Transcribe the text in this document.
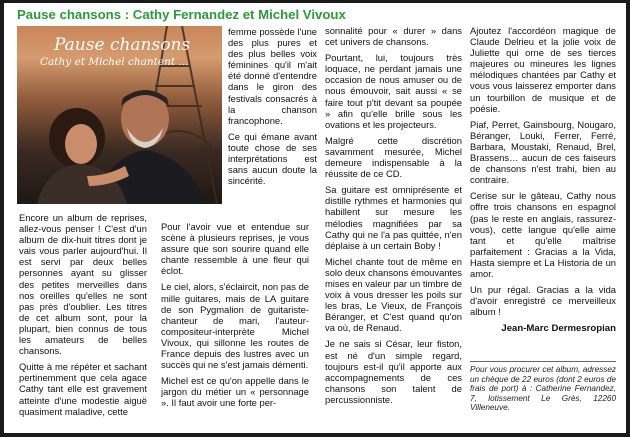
Pause chansons : Cathy Fernandez et Michel Vivoux
Pause chansons
Cathy et Michel chantent ...

femme possède l'une des plus pures et des plus belles voix féminines qu'il m'ait été donné d'entendre dans le giron des festivals consacrés à la chanson francophone.

Ce qui émane avant toute chose de ses interprétations est sans aucun doute la sincérité.

Encore un album de reprises, allez-vous penser ! C'est d'un album de dix-huit titres dont je vais vous parler aujourd'hui. Il est servi par deux belles personnes ayant su glisser des petites merveilles dans nos oreilles qu'elles ne sont pas près d'oublier. Les titres de cet album sont, pour la plupart, bien connus de tous les amateurs de belles chansons.

Quitte à me répéter et sachant pertinemment que cela agace Cathy tant elle est gravement atteinte d'une modestie aiguë quasiment maladive, cette

Pour l'avoir vue et entendue sur scène à plusieurs reprises, je vous assure que son sourire quand elle chante ressemble à une fleur qui éclot.

Le ciel, alors, s'éclaircit, non pas de mille guitares, mais de LA guitare de son Pygmalion de guitariste-chanteur de mari, l'auteur-compositeur-interprète Michel Vivoux, qui sillonne les routes de France depuis des lustres avec un succès qui ne s'est jamais démenti.

Michel est ce qu'on appelle dans le jargon du métier un « personnage ». Il faut avoir une forte per-

sonnalité pour « durer » dans cet univers de chansons.

Pourtant, lui, toujours très loquace, ne perdant jamais une occasion de nous amuser ou de nous émouvoir, sait aussi « se faire tout p'tit devant sa poupée » afin qu'elle brille sous les ovations et les projecteurs.

Malgré cette discrétion savamment mesurée, Michel demeure indispensable à la réussite de ce CD.

Sa guitare est omniprésente et distille rythmes et harmonies qui habillent sur mesure les mélodies magnifiées par sa Cathy qui ne l'a pas quittée, n'en déplaise à un certain Boby !

Michel chante tout de même en solo deux chansons émouvantes mises en valeur par un timbre de voix à vous dresser les poils sur les bras, Le Vieux, de François Béranger, et C'est quand qu'on va où, de Renaud.

Je ne sais si César, leur fiston, est né d'un simple regard, toujours est-il qu'il apporte aux accompagnements de ces chansons son talent de percussionniste.

Ajoutez l'accordéon magique de Claude Delrieu et la jolie voix de Juliette qui orne de ses tierces majeures ou mineures les lignes mélodiques chantées par Cathy et vous vous laisserez emporter dans un tourbillon de musique et de poésie.

Piaf, Perret, Gainsbourg, Nougaro, Béranger, Louki, Ferrer, Ferré, Barbara, Moustaki, Renaud, Brel, Brassens… aucun de ces faiseurs de chansons n'est trahi, bien au contraire.

Cerise sur le gâteau, Cathy nous offre trois chansons en espagnol (pas le reste en anglais, rassurez-vous), cette langue qu'elle aime tant et qu'elle maîtrise parfaitement : Gracias a la Vida, Hasta siempre et La Historia de un amor.

Un pur régal. Gracias a la vida d'avoir enregistré ce merveilleux album !

Jean-Marc Dermesropian
Pour vous procurer cet album, adressez un chèque de 22 euros (dont 2 euros de frais de port) à : Catherine Fernandez, 7, lotissement Le Grès, 12260 Villeneuve.
